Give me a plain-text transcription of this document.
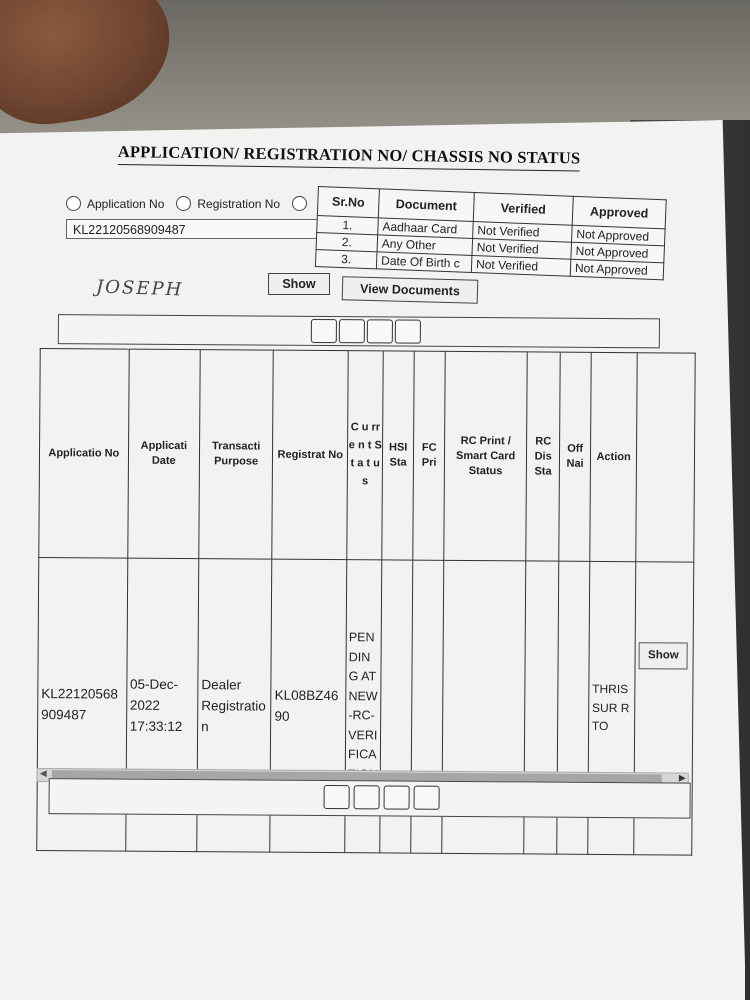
APPLICATION/ REGISTRATION NO/ CHASSIS NO STATUS
Application No	Registration No
KL22120568909487
JOSEPH	Show
Sr.No	Document	Verified	Approved
1.	Aadhaar Card	Not Verified	Not Approved
2.	Any Other	Not Verified	Not Approved
3.	Date Of Birth c	Not Verified	Not Approved
View Documents
Applicatio No	Applicati Date	Transacti Purpose	Registrat No	C u rr e n t S t a t u s	HSI Sta	FC Pri	RC Print / Smart Card Status	RC Dis Sta	Off Nai	Action	
KL22120568909487	05-Dec-2022 17:33:12	Dealer Registration	KL08BZ4690	PENDING AT NEW-RC-VERIFICATION						THRISSUR RTO	Show
◀	▶
